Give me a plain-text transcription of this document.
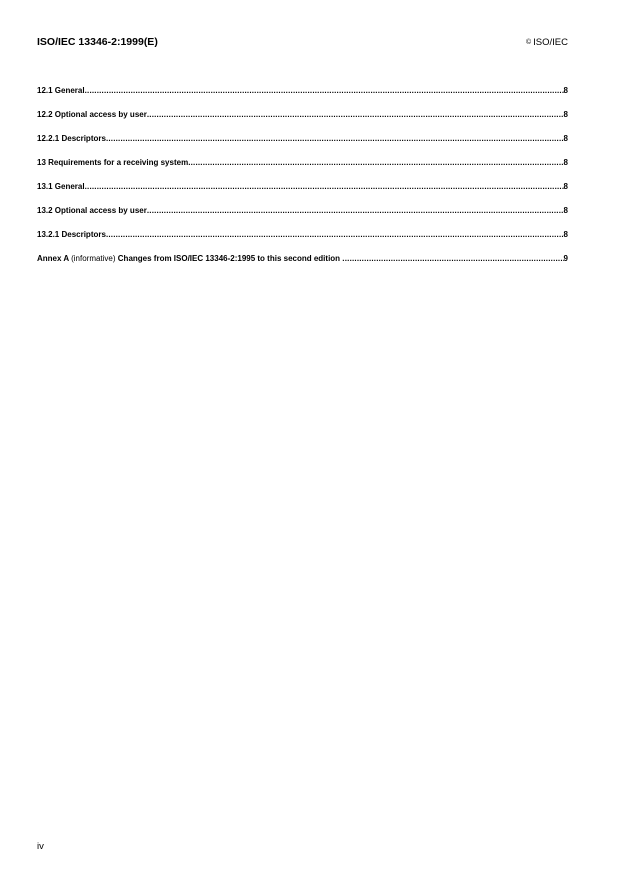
ISO/IEC 13346-2:1999(E)	© ISO/IEC
12.1 General .....	8
12.2 Optional access by user .....	8
12.2.1 Descriptors .....	8
13 Requirements for a receiving system .....	8
13.1 General .....	8
13.2 Optional access by user .....	8
13.2.1 Descriptors .....	8
Annex A (informative) Changes from ISO/IEC 13346-2:1995 to this second edition .....	9
iv
